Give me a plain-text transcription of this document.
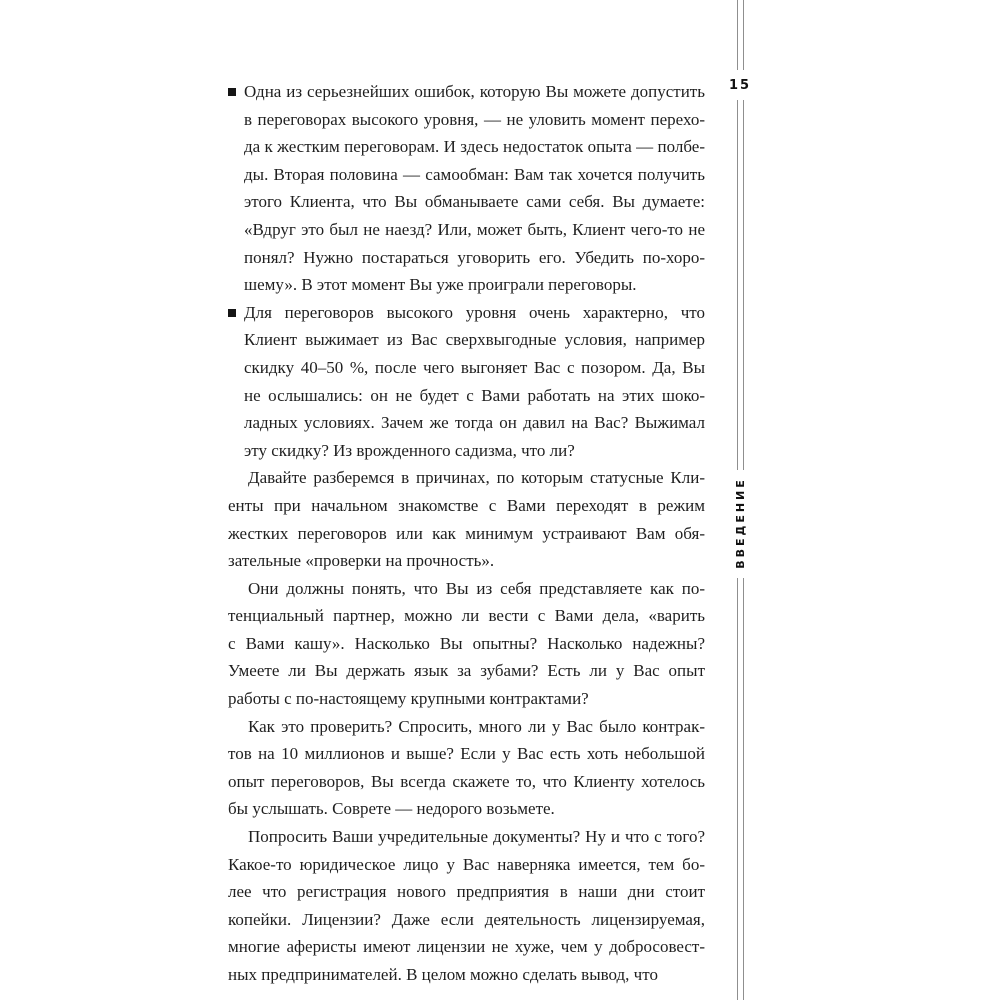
Одна из серьезнейших ошибок, которую Вы можете допустить
в переговорах высокого уровня, — не уловить момент перехо-
да к жестким переговорам. И здесь недостаток опыта — полбе-
ды. Вторая половина — самообман: Вам так хочется получить
этого Клиента, что Вы обманываете сами себя. Вы думаете:
«Вдруг это был не наезд? Или, может быть, Клиент чего-то не
понял? Нужно постараться уговорить его. Убедить по-хоро-
шему». В этот момент Вы уже проиграли переговоры.
Для переговоров высокого уровня очень характерно, что
Клиент выжимает из Вас сверхвыгодные условия, например
скидку 40–50 %, после чего выгоняет Вас с позором. Да, Вы
не ослышались: он не будет с Вами работать на этих шоко-
ладных условиях. Зачем же тогда он давил на Вас? Выжимал
эту скидку? Из врожденного садизма, что ли?
Давайте разберемся в причинах, по которым статусные Кли-
енты при начальном знакомстве с Вами переходят в режим
жестких переговоров или как минимум устраивают Вам обя-
зательные «проверки на прочность».
Они должны понять, что Вы из себя представляете как по-
тенциальный партнер, можно ли вести с Вами дела, «варить
с Вами кашу». Насколько Вы опытны? Насколько надежны?
Умеете ли Вы держать язык за зубами? Есть ли у Вас опыт
работы с по-настоящему крупными контрактами?
Как это проверить? Спросить, много ли у Вас было контрак-
тов на 10 миллионов и выше? Если у Вас есть хоть небольшой
опыт переговоров, Вы всегда скажете то, что Клиенту хотелось
бы услышать. Соврете — недорого возьмете.
Попросить Ваши учредительные документы? Ну и что с того?
Какое-то юридическое лицо у Вас наверняка имеется, тем бо-
лее что регистрация нового предприятия в наши дни стоит
копейки. Лицензии? Даже если деятельность лицензируемая,
многие аферисты имеют лицензии не хуже, чем у добросовест-
ных предпринимателей. В целом можно сделать вывод, что
15
ВВЕДЕНИЕ
